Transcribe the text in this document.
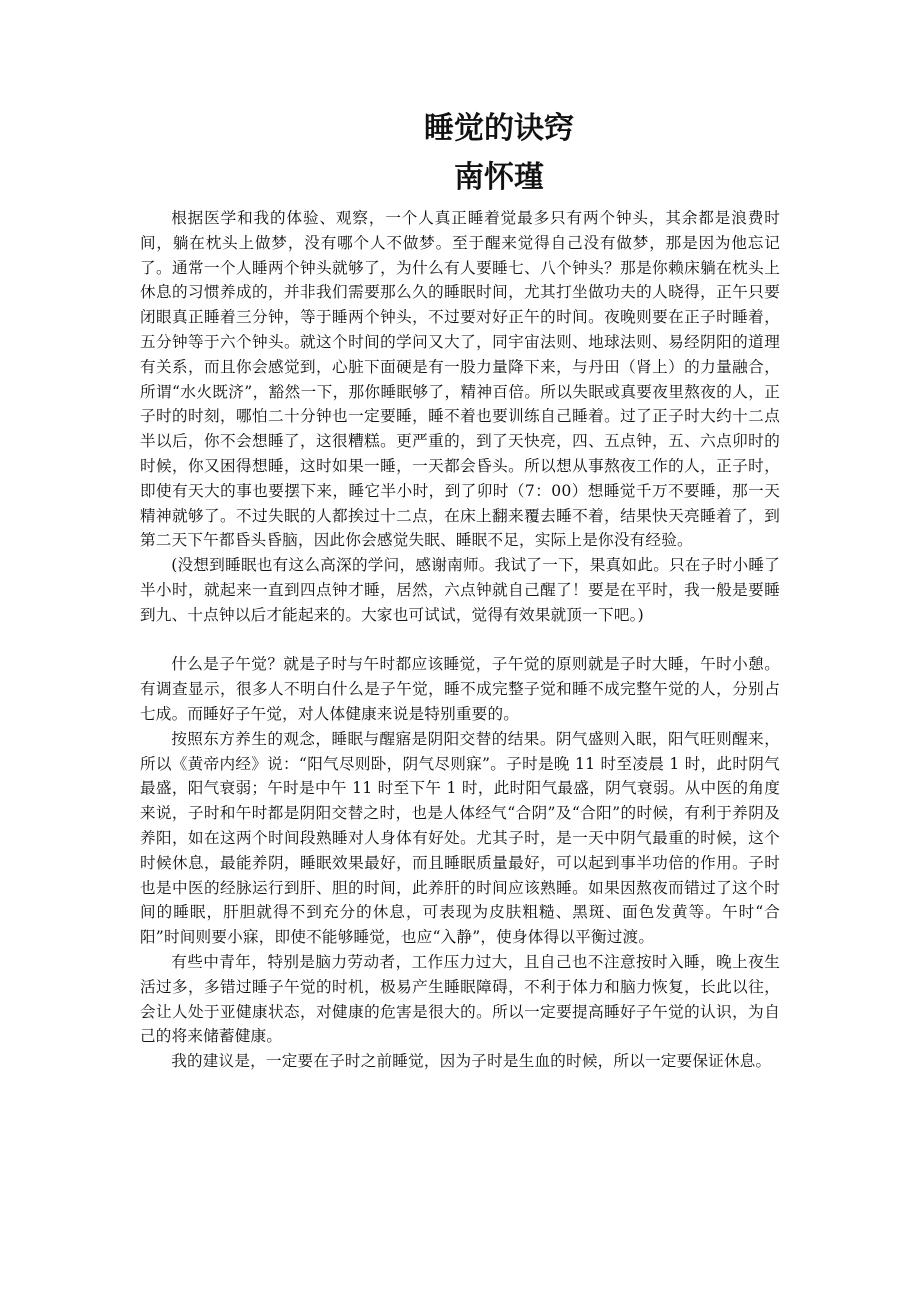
睡觉的诀窍
南怀瑾

根据医学和我的体验、观察，一个人真正睡着觉最多只有两个钟头，其余都是浪费时间，躺在枕头上做梦，没有哪个人不做梦。至于醒来觉得自己没有做梦，那是因为他忘记了。通常一个人睡两个钟头就够了，为什么有人要睡七、八个钟头？那是你赖床躺在枕头上休息的习惯养成的，并非我们需要那么久的睡眠时间，尤其打坐做功夫的人晓得，正午只要闭眼真正睡着三分钟，等于睡两个钟头，不过要对好正午的时间。夜晚则要在正子时睡着，五分钟等于六个钟头。就这个时间的学问又大了，同宇宙法则、地球法则、易经阴阳的道理有关系，而且你会感觉到，心脏下面硬是有一股力量降下来，与丹田（肾上）的力量融合，所谓“水火既济”，豁然一下，那你睡眠够了，精神百倍。所以失眠或真要夜里熬夜的人，正子时的时刻，哪怕二十分钟也一定要睡，睡不着也要训练自己睡着。过了正子时大约十二点半以后，你不会想睡了，这很糟糕。更严重的，到了天快亮，四、五点钟，五、六点卯时的时候，你又困得想睡，这时如果一睡，一天都会昏头。所以想从事熬夜工作的人，正子时，即使有天大的事也要摆下来，睡它半小时，到了卯时（7：00）想睡觉千万不要睡，那一天精神就够了。不过失眠的人都挨过十二点，在床上翻来覆去睡不着，结果快天亮睡着了，到第二天下午都昏头昏脑，因此你会感觉失眠、睡眠不足，实际上是你没有经验。

(没想到睡眠也有这么高深的学问，感谢南师。我试了一下，果真如此。只在子时小睡了半小时，就起来一直到四点钟才睡，居然，六点钟就自己醒了！要是在平时，我一般是要睡到九、十点钟以后才能起来的。大家也可试试，觉得有效果就顶一下吧。)

什么是子午觉？就是子时与午时都应该睡觉，子午觉的原则就是子时大睡，午时小憩。有调查显示，很多人不明白什么是子午觉，睡不成完整子觉和睡不成完整午觉的人，分别占七成。而睡好子午觉，对人体健康来说是特别重要的。

按照东方养生的观念，睡眠与醒寤是阴阳交替的结果。阴气盛则入眠，阳气旺则醒来，所以《黄帝内经》说：“阳气尽则卧，阴气尽则寐”。子时是晚 11 时至凌晨 1 时，此时阴气最盛，阳气衰弱；午时是中午 11 时至下午 1 时，此时阳气最盛，阴气衰弱。从中医的角度来说，子时和午时都是阴阳交替之时，也是人体经气“合阴”及“合阳”的时候，有利于养阴及养阳，如在这两个时间段熟睡对人身体有好处。尤其子时，是一天中阴气最重的时候，这个时候休息，最能养阴，睡眠效果最好，而且睡眠质量最好，可以起到事半功倍的作用。子时也是中医的经脉运行到肝、胆的时间，此养肝的时间应该熟睡。如果因熬夜而错过了这个时间的睡眠，肝胆就得不到充分的休息，可表现为皮肤粗糙、黑斑、面色发黄等。午时“合阳”时间则要小寐，即使不能够睡觉，也应“入静”，使身体得以平衡过渡。

有些中青年，特别是脑力劳动者，工作压力过大，且自己也不注意按时入睡，晚上夜生活过多，多错过睡子午觉的时机，极易产生睡眠障碍，不利于体力和脑力恢复，长此以往，会让人处于亚健康状态，对健康的危害是很大的。所以一定要提高睡好子午觉的认识，为自己的将来储蓄健康。

我的建议是，一定要在子时之前睡觉，因为子时是生血的时候，所以一定要保证休息。
